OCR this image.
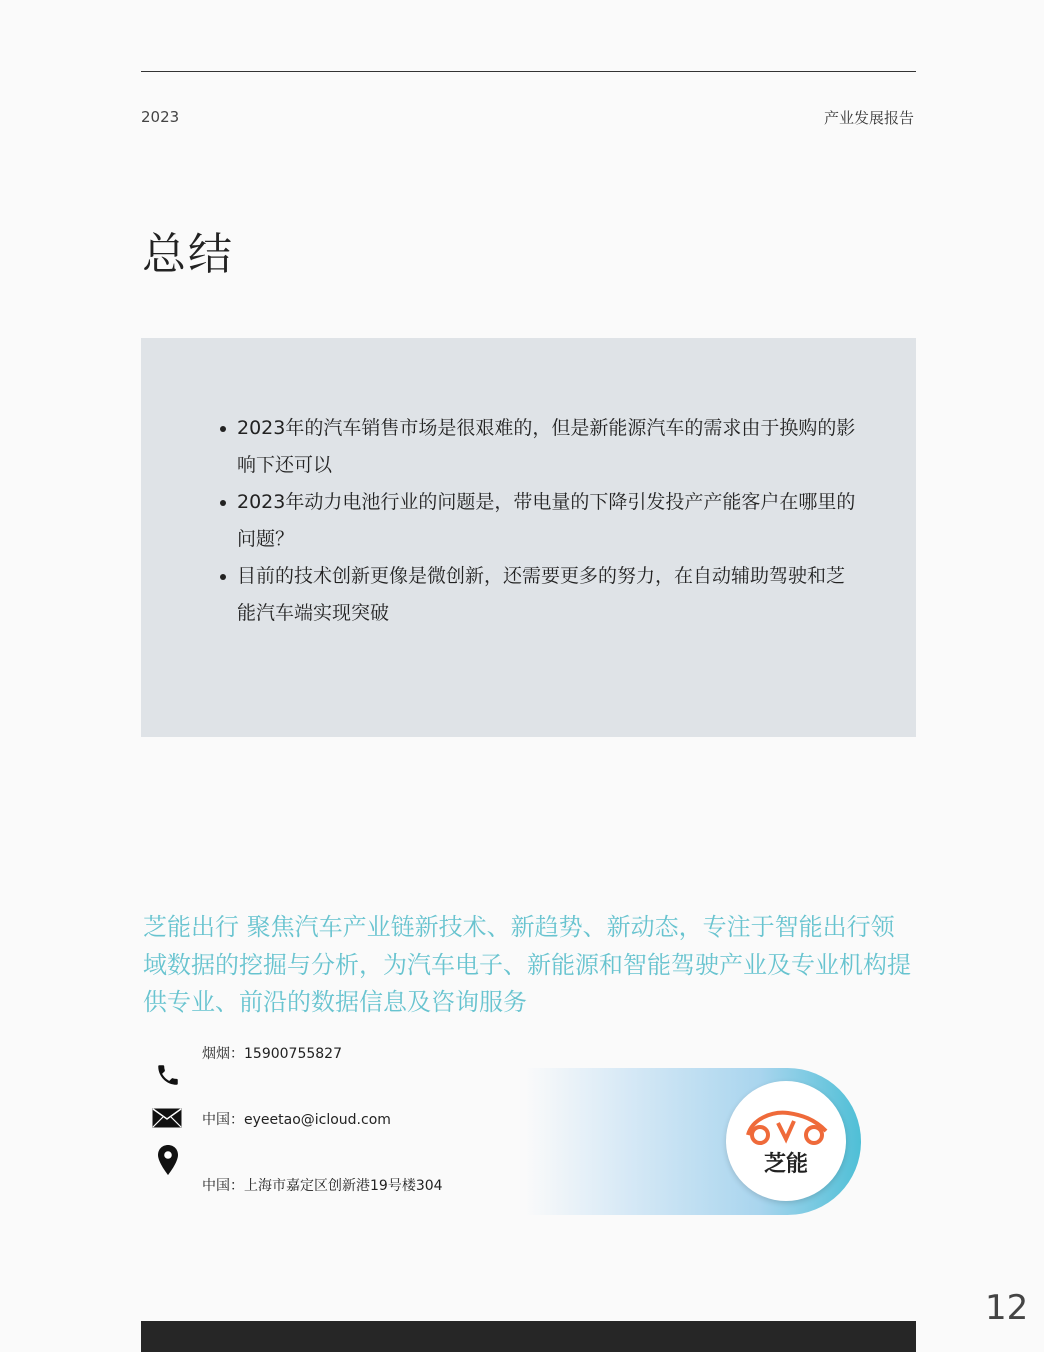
2023	产业发展报告
总结
2023年的汽车销售市场是很艰难的，但是新能源汽车的需求由于换购的影响下还可以
2023年动力电池行业的问题是，带电量的下降引发投产产能客户在哪里的问题？
目前的技术创新更像是微创新，还需要更多的努力，在自动辅助驾驶和芝能汽车端实现突破
芝能出行 聚焦汽车产业链新技术、新趋势、新动态，专注于智能出行领域数据的挖掘与分析，为汽车电子、新能源和智能驾驶产业及专业机构提供专业、前沿的数据信息及咨询服务
烟烟：15900755827
中国：eyeetao@icloud.com
中国：上海市嘉定区创新港19号楼304
芝能
12
